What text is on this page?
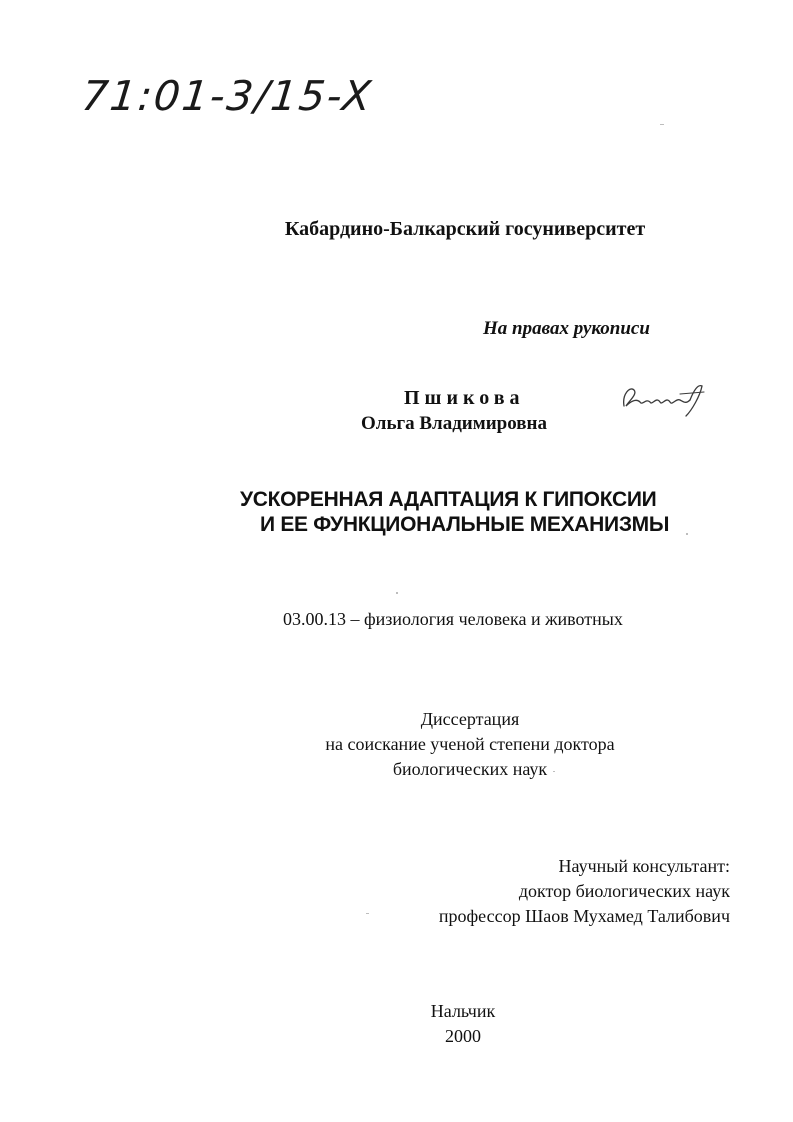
71:01-3/15-X
Кабардино-Балкарский госуниверситет
На правах рукописи
Пшикова
Ольга Владимировна
УСКОРЕННАЯ АДАПТАЦИЯ К ГИПОКСИИ
И ЕЕ ФУНКЦИОНАЛЬНЫЕ МЕХАНИЗМЫ
03.00.13 – физиология человека и животных
Диссертация
на соискание ученой степени доктора
биологических наук
Научный консультант:
доктор биологических наук
профессор Шаов Мухамед Талибович
Нальчик
2000
